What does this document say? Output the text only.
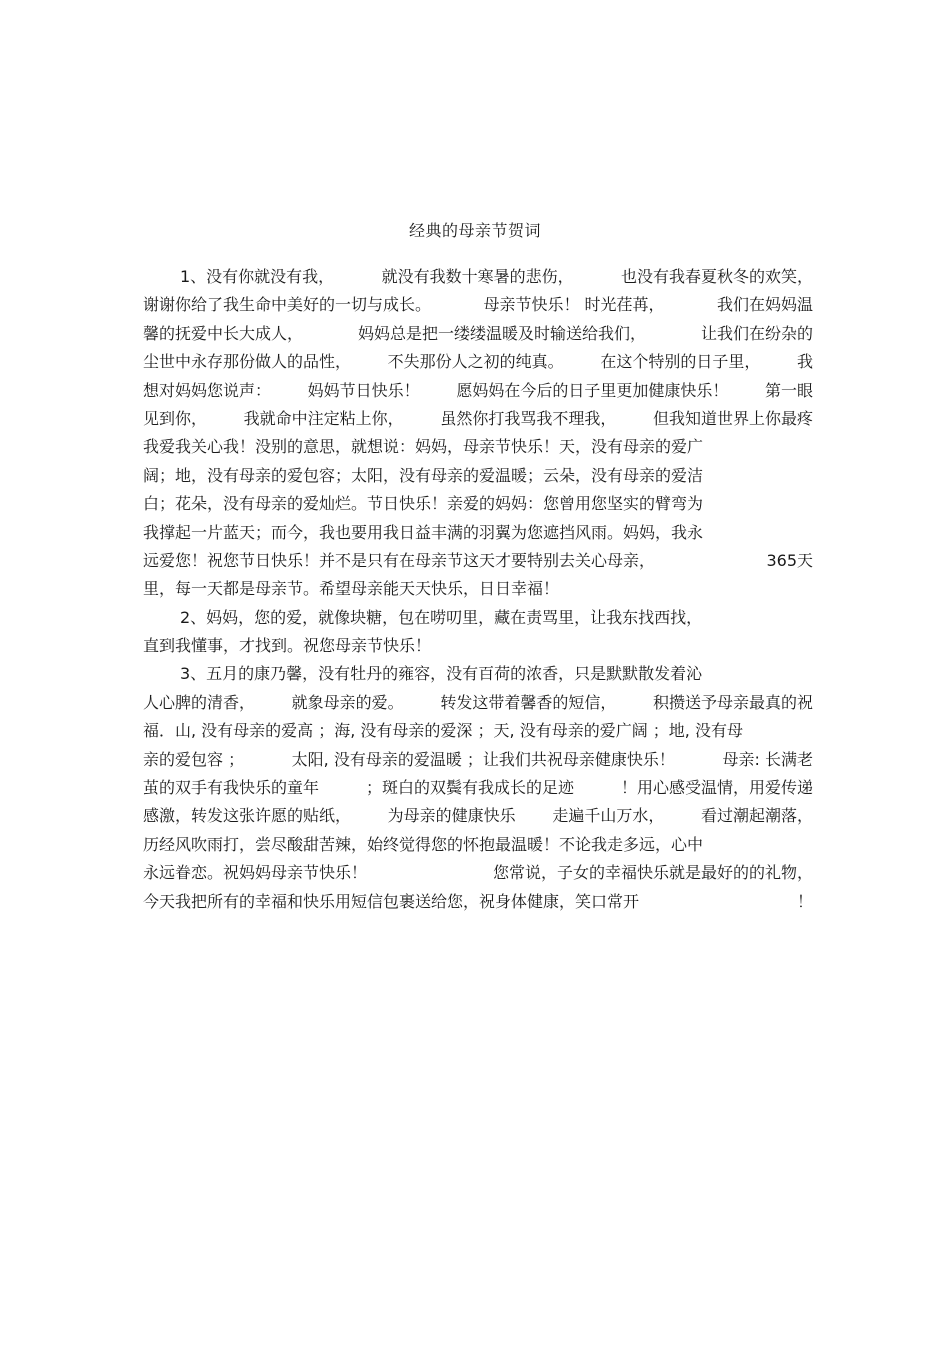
经典的母亲节贺词
1、没有你就没有我，	就没有我数十寒暑的悲伤，	也没有我春夏秋冬的欢笑，
谢谢你给了我生命中美好的一切与成长。	母亲节快乐！ 时光荏苒，	我们在妈妈温
馨的抚爱中长大成人，	妈妈总是把一缕缕温暖及时输送给我们，	让我们在纷杂的
尘世中永存那份做人的品性， 不失那份人之初的纯真。 在这个特别的日子里， 我
想对妈妈您说声： 妈妈节日快乐！ 愿妈妈在今后的日子里更加健康快乐！ 第一眼
见到你， 我就命中注定粘上你， 虽然你打我骂我不理我， 但我知道世界上你最疼
我爱我关心我！没别的意思，就想说：妈妈，母亲节快乐！天，没有母亲的爱广
阔；地，没有母亲的爱包容；太阳，没有母亲的爱温暖；云朵，没有母亲的爱洁
白；花朵，没有母亲的爱灿烂。节日快乐！亲爱的妈妈：您曾用您坚实的臂弯为
我撑起一片蓝天；而今，我也要用我日益丰满的羽翼为您遮挡风雨。妈妈，我永
远爱您！祝您节日快乐！并不是只有在母亲节这天才要特别去关心母亲，	365天
里，每一天都是母亲节。希望母亲能天天快乐，日日幸福！
2、妈妈，您的爱，就像块糖，包在唠叨里，藏在责骂里，让我东找西找，
直到我懂事，才找到。祝您母亲节快乐！
3、五月的康乃馨，没有牡丹的雍容，没有百荷的浓香，只是默默散发着沁
人心脾的清香， 就象母亲的爱。 转发这带着馨香的短信， 积攒送予母亲最真的祝
福．山, 没有母亲的爱高 ；海, 没有母亲的爱深 ；天, 没有母亲的爱广阔 ；地, 没有母
亲的爱包容 ；	太阳, 没有母亲的爱温暖 ；让我们共祝母亲健康快乐！	母亲: 长满老
茧的双手有我快乐的童年	；斑白的双鬓有我成长的足迹	！用心感受温情，用爱传递
感激，转发这张许愿的贴纸， 为母亲的健康快乐 走遍千山万水， 看过潮起潮落，
历经风吹雨打，尝尽酸甜苦辣，始终觉得您的怀抱最温暖！不论我走多远，心中
永远眷恋。祝妈妈母亲节快乐！	您常说，子女的幸福快乐就是最好的的礼物，
今天我把所有的幸福和快乐用短信包裹送给您，祝身体健康，笑口常开	！
